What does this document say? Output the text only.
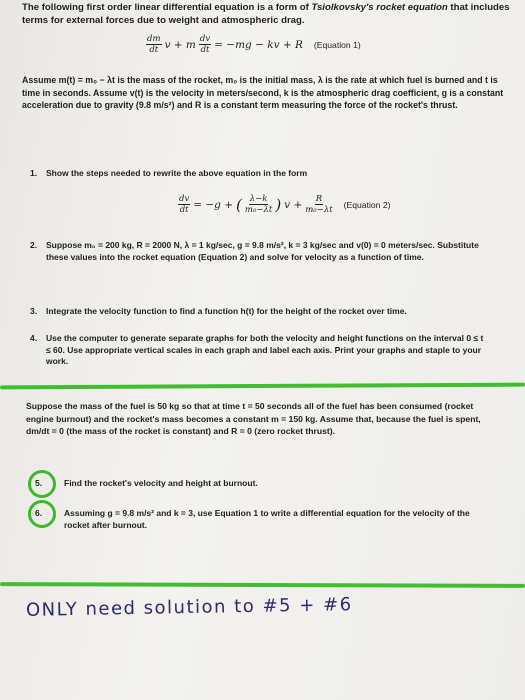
The following first order linear differential equation is a form of Tsiolkovsky's rocket equation that includes terms for external forces due to weight and atmospheric drag.
$\frac{dm}{dt}$ v + m $\frac{dv}{dt} = -mg$ − kv + R (Equation 1)
Assume m(t) = m₀ − λt is the mass of the rocket, m₀ is the initial mass, λ is the rate at which fuel is burned and t is time in seconds. Assume v(t) is the velocity in meters/second, k is the atmospheric drag coefficient, g is a constant acceleration due to gravity (9.8 m/s²) and R is a constant term measuring the force of the rocket's thrust.
1. Show the steps needed to rewrite the above equation in the form
$\frac{dv}{dt} = -g$ + ( $\frac{\lambda-k}{\text{m₀−λt}}$ ) $v + \frac{R}{\text{m₀−λt}}$ (Equation 2)
2. Suppose m₀ = 200 kg, R = 2000 N, λ = 1 kg/sec, g = 9.8 m/s², k = 3 kg/sec and v(0) = 0 meters/sec. Substitute these values into the rocket equation (Equation 2) and solve for velocity as a function of time.
3. Integrate the velocity function to find a function h(t) for the height of the rocket over time.
4. Use the computer to generate separate graphs for both the velocity and height functions on the interval 0 ≤ t ≤ 60. Use appropriate vertical scales in each graph and label each axis. Print your graphs and staple to your work.
Suppose the mass of the fuel is 50 kg so that at time t = 50 seconds all of the fuel has been consumed (rocket engine burnout) and the rocket's mass becomes a constant m = 150 kg. Assume that, because the fuel is spent, dm/dt = 0 (the mass of the rocket is constant) and R = 0 (zero rocket thrust).
5.	Find the rocket's velocity and height at burnout.
6.	Assuming g = 9.8 m/s² and k = 3, use Equation 1 to write a differential equation for the velocity of the rocket after burnout.
ONLY need solution to #5 + #6
